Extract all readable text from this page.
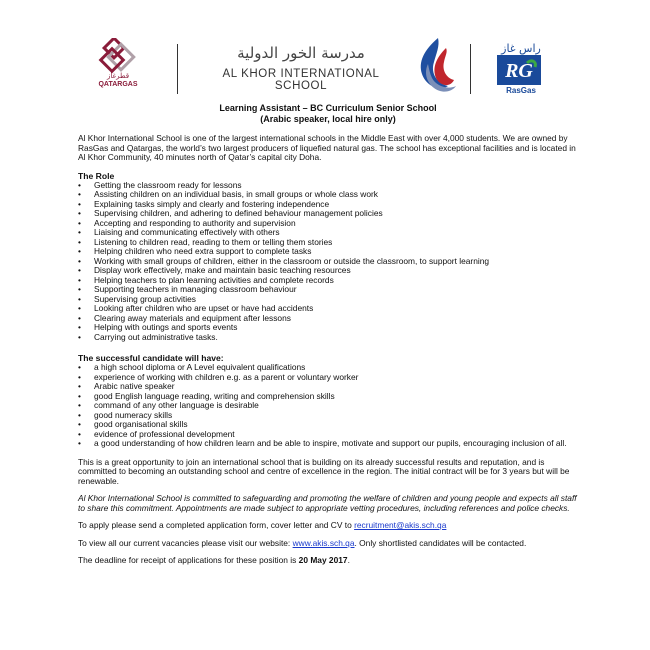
قطرغاز
QATARGAS
مدرسة الخور الدولية
AL KHOR INTERNATIONAL SCHOOL
راس غاز
RG
RasGas

Learning Assistant – BC Curriculum Senior School

(Arabic speaker, local hire only)

Al Khor International School is one of the largest international schools in the Middle East with over 4,000 students. We are owned by RasGas and Qatargas, the world’s two largest producers of liquefied natural gas. The school has exceptional facilities and is located in Al Khor Community, 40 minutes north of Qatar’s capital city Doha.

The Role
• Getting the classroom ready for lessons
• Assisting children on an individual basis, in small groups or whole class work
• Explaining tasks simply and clearly and fostering independence
• Supervising children, and adhering to defined behaviour management policies
• Accepting and responding to authority and supervision
• Liaising and communicating effectively with others
• Listening to children read, reading to them or telling them stories
• Helping children who need extra support to complete tasks
• Working with small groups of children, either in the classroom or outside the classroom, to support learning
• Display work effectively, make and maintain basic teaching resources
• Helping teachers to plan learning activities and complete records
• Supporting teachers in managing classroom behaviour
• Supervising group activities
• Looking after children who are upset or have had accidents
• Clearing away materials and equipment after lessons
• Helping with outings and sports events
• Carrying out administrative tasks.
The successful candidate will have:
• a high school diploma or A Level equivalent qualifications
• experience of working with children e.g. as a parent or voluntary worker
• Arabic native speaker
• good English language reading, writing and comprehension skills
• command of any other language is desirable
• good numeracy skills
• good organisational skills
• evidence of professional development
• a good understanding of how children learn and be able to inspire, motivate and support our pupils, encouraging inclusion of all.

This is a great opportunity to join an international school that is building on its already successful results and reputation, and is committed to becoming an outstanding school and centre of excellence in the region. The initial contract will be for 3 years but will be renewable.

Al Khor International School is committed to safeguarding and promoting the welfare of children and young people and expects all staff to share this commitment. Appointments are made subject to appropriate vetting procedures, including references and police checks.

To apply please send a completed application form, cover letter and CV to recruitment@akis.sch.qa

To view all our current vacancies please visit our website: www.akis.sch.qa. Only shortlisted candidates will be contacted.

The deadline for receipt of applications for these position is 20 May 2017.
